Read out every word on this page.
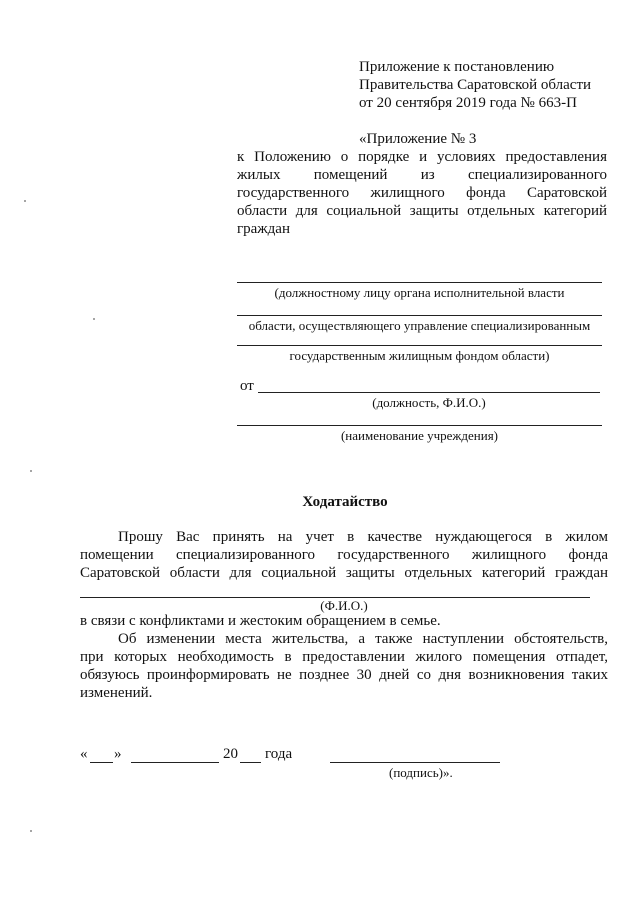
Приложение к постановлению
Правительства Саратовской области
от 20 сентября 2019 года № 663-П
«Приложение № 3
к Положению о порядке и условиях предоставления
жилых помещений из специализированного
государственного жилищного фонда Саратовской
области для социальной защиты отдельных категорий
граждан
(должностному лицу органа исполнительной власти
области, осуществляющего управление специализированным
государственным жилищным фондом области)
от
(должность, Ф.И.О.)
(наименование учреждения)
Ходатайство
Прошу Вас принять на учет в качестве нуждающегося в жилом
помещении специализированного государственного жилищного фонда
Саратовской области для социальной защиты отдельных категорий граждан
(Ф.И.О.)
в связи с конфликтами и жестоким обращением в семье.
Об изменении места жительства, а также наступлении обстоятельств,
при которых необходимость в предоставлении жилого помещения отпадет,
обязуюсь проинформировать не позднее 30 дней со дня возникновения таких
изменений.
« »	20 года
(подпись)».
